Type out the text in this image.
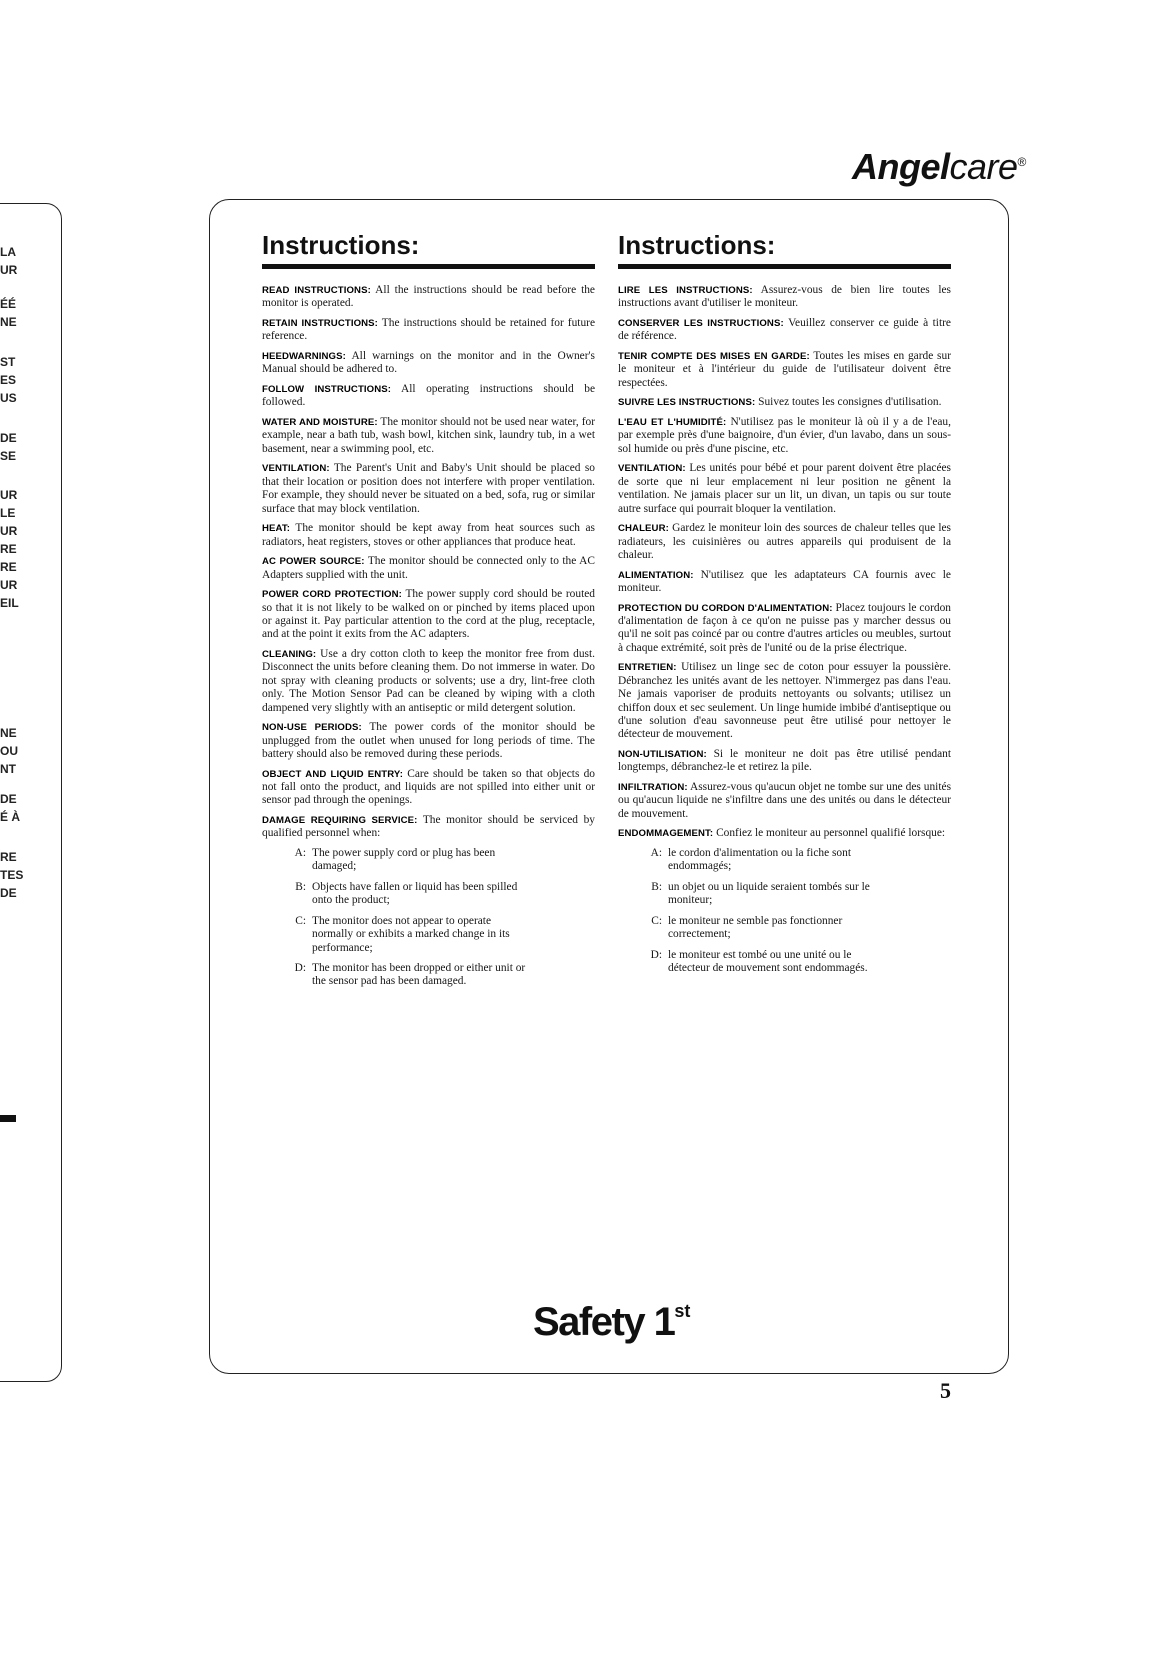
LA
UR
ÉÉ
NE
ST
ES
US
DE
SE
UR
LE
UR
RE
RE
UR
EIL
NE
OU
NT
DE
É À
RE
TES
DE
Angelcare®
Instructions:

READ INSTRUCTIONS: All the instructions should be read before the monitor is operated.

RETAIN INSTRUCTIONS: The instructions should be retained for future reference.

HEEDWARNINGS: All warnings on the monitor and in the Owner's Manual should be adhered to.

FOLLOW INSTRUCTIONS: All operating instructions should be followed.

WATER AND MOISTURE: The monitor should not be used near water, for example, near a bath tub, wash bowl, kitchen sink, laundry tub, in a wet basement, near a swimming pool, etc.

VENTILATION: The Parent's Unit and Baby's Unit should be placed so that their location or position does not interfere with proper ventilation. For example, they should never be situated on a bed, sofa, rug or similar surface that may block ventilation.

HEAT: The monitor should be kept away from heat sources such as radiators, heat registers, stoves or other appliances that produce heat.

AC POWER SOURCE: The monitor should be connected only to the AC Adapters supplied with the unit.

POWER CORD PROTECTION: The power supply cord should be routed so that it is not likely to be walked on or pinched by items placed upon or against it. Pay particular attention to the cord at the plug, receptacle, and at the point it exits from the AC adapters.

CLEANING: Use a dry cotton cloth to keep the monitor free from dust. Disconnect the units before cleaning them. Do not immerse in water. Do not spray with cleaning products or solvents; use a dry, lint-free cloth only. The Motion Sensor Pad can be cleaned by wiping with a cloth dampened very slightly with an antiseptic or mild detergent solution.

NON-USE PERIODS: The power cords of the monitor should be unplugged from the outlet when unused for long periods of time. The battery should also be removed during these periods.

OBJECT AND LIQUID ENTRY: Care should be taken so that objects do not fall onto the product, and liquids are not spilled into either unit or sensor pad through the openings.

DAMAGE REQUIRING SERVICE: The monitor should be serviced by qualified personnel when:

A: The power supply cord or plug has been damaged;
B: Objects have fallen or liquid has been spilled onto the product;
C: The monitor does not appear to operate normally or exhibits a marked change in its performance;
D: The monitor has been dropped or either unit or the sensor pad has been damaged.
Instructions:

LIRE LES INSTRUCTIONS: Assurez-vous de bien lire toutes les instructions avant d'utiliser le moniteur.

CONSERVER LES INSTRUCTIONS: Veuillez conserver ce guide à titre de référence.

TENIR COMPTE DES MISES EN GARDE: Toutes les mises en garde sur le moniteur et à l'intérieur du guide de l'utilisateur doivent être respectées.

SUIVRE LES INSTRUCTIONS: Suivez toutes les consignes d'utilisation.

L'EAU ET L'HUMIDITÉ: N'utilisez pas le moniteur là où il y a de l'eau, par exemple près d'une baignoire, d'un évier, d'un lavabo, dans un sous-sol humide ou près d'une piscine, etc.

VENTILATION: Les unités pour bébé et pour parent doivent être placées de sorte que ni leur emplacement ni leur position ne gênent la ventilation. Ne jamais placer sur un lit, un divan, un tapis ou sur toute autre surface qui pourrait bloquer la ventilation.

CHALEUR: Gardez le moniteur loin des sources de chaleur telles que les radiateurs, les cuisinières ou autres appareils qui produisent de la chaleur.

ALIMENTATION: N'utilisez que les adaptateurs CA fournis avec le moniteur.

PROTECTION DU CORDON D'ALIMENTATION: Placez toujours le cordon d'alimentation de façon à ce qu'on ne puisse pas y marcher dessus ou qu'il ne soit pas coincé par ou contre d'autres articles ou meubles, surtout à chaque extrémité, soit près de l'unité ou de la prise électrique.

ENTRETIEN: Utilisez un linge sec de coton pour essuyer la poussière. Débranchez les unités avant de les nettoyer. N'immergez pas dans l'eau. Ne jamais vaporiser de produits nettoyants ou solvants; utilisez un chiffon doux et sec seulement. Un linge humide imbibé d'antiseptique ou d'une solution d'eau savonneuse peut être utilisé pour nettoyer le détecteur de mouvement.

NON-UTILISATION: Si le moniteur ne doit pas être utilisé pendant longtemps, débranchez-le et retirez la pile.

INFILTRATION: Assurez-vous qu'aucun objet ne tombe sur une des unités ou qu'aucun liquide ne s'infiltre dans une des unités ou dans le détecteur de mouvement.

ENDOMMAGEMENT: Confiez le moniteur au personnel qualifié lorsque:

A: le cordon d'alimentation ou la fiche sont endommagés;
B: un objet ou un liquide seraient tombés sur le moniteur;
C: le moniteur ne semble pas fonctionner correctement;
D: le moniteur est tombé ou une unité ou le détecteur de mouvement sont endommagés.
Safety 1st
5
